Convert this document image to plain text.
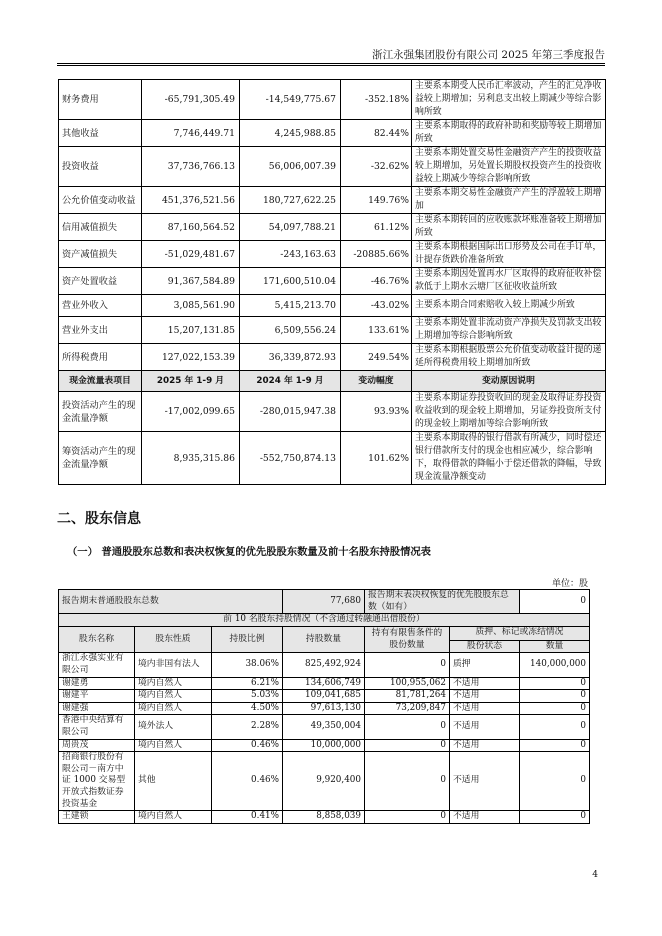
浙江永强集团股份有限公司 2025 年第三季度报告
财务费用	-65,791,305.49	-14,549,775.67	-352.18%	主要系本期受人民币汇率波动，产生的汇兑净收益较上期增加；另利息支出较上期减少等综合影响所致
其他收益	7,746,449.71	4,245,988.85	82.44%	主要系本期取得的政府补助和奖励等较上期增加所致
投资收益	37,736,766.13	56,006,007.39	-32.62%	主要系本期处置交易性金融资产产生的投资收益较上期增加，另处置长期股权投资产生的投资收益较上期减少等综合影响所致
公允价值变动收益	451,376,521.56	180,727,622.25	149.76%	主要系本期交易性金融资产产生的浮盈较上期增加
信用减值损失	87,160,564.52	54,097,788.21	61.12%	主要系本期转回的应收账款坏账准备较上期增加所致
资产减值损失	-51,029,481.67	-243,163.63	-20885.66%	主要系本期根据国际出口形势及公司在手订单，计提存货跌价准备所致
资产处置收益	91,367,584.89	171,600,510.04	-46.76%	主要系本期因处置再水厂区取得的政府征收补偿款低于上期水云塘厂区征收收益所致
营业外收入	3,085,561.90	5,415,213.70	-43.02%	主要系本期合同索赔收入较上期减少所致
营业外支出	15,207,131.85	6,509,556.24	133.61%	主要系本期处置非流动资产净损失及罚款支出较上期增加等综合影响所致
所得税费用	127,022,153.39	36,339,872.93	249.54%	主要系本期根据股票公允价值变动收益计提的递延所得税费用较上期增加所致
现金流量表项目	2025 年 1-9 月	2024 年 1-9 月	变动幅度	变动原因说明
投资活动产生的现金流量净额	-17,002,099.65	-280,015,947.38	93.93%	主要系本期证券投资收回的现金及取得证券投资收益收到的现金较上期增加，另证券投资所支付的现金较上期增加等综合影响所致
筹资活动产生的现金流量净额	8,935,315.86	-552,750,874.13	101.62%	主要系本期取得的银行借款有所减少，同时偿还银行借款所支付的现金也相应减少，综合影响下，取得借款的降幅小于偿还借款的降幅，导致现金流量净额变动
二、股东信息
（一） 普通股股东总数和表决权恢复的优先股股东数量及前十名股东持股情况表
单位：股
报告期末普通股股东总数			77,680	报告期末表决权恢复的优先股股东总数（如有）		0
前 10 名股东持股情况（不含通过转融通出借股份）						
股东名称	股东性质	持股比例	持股数量	持有有限售条件的股份数量	质押、标记或冻结情况	
					股份状态	数量
浙江永强实业有限公司	境内非国有法人	38.06%	825,492,924	0	质押	140,000,000
谢建勇	境内自然人	6.21%	134,606,749	100,955,062	不适用	0
谢建平	境内自然人	5.03%	109,041,685	81,781,264	不适用	0
谢建强	境内自然人	4.50%	97,613,130	73,209,847	不适用	0
香港中央结算有限公司	境外法人	2.28%	49,350,004	0	不适用	0
周贵茂	境内自然人	0.46%	10,000,000	0	不适用	0
招商银行股份有限公司－南方中证 1000 交易型开放式指数证券投资基金	其他	0.46%	9,920,400	0	不适用	0
王建锁	境内自然人	0.41%	8,858,039	0	不适用	0
4
